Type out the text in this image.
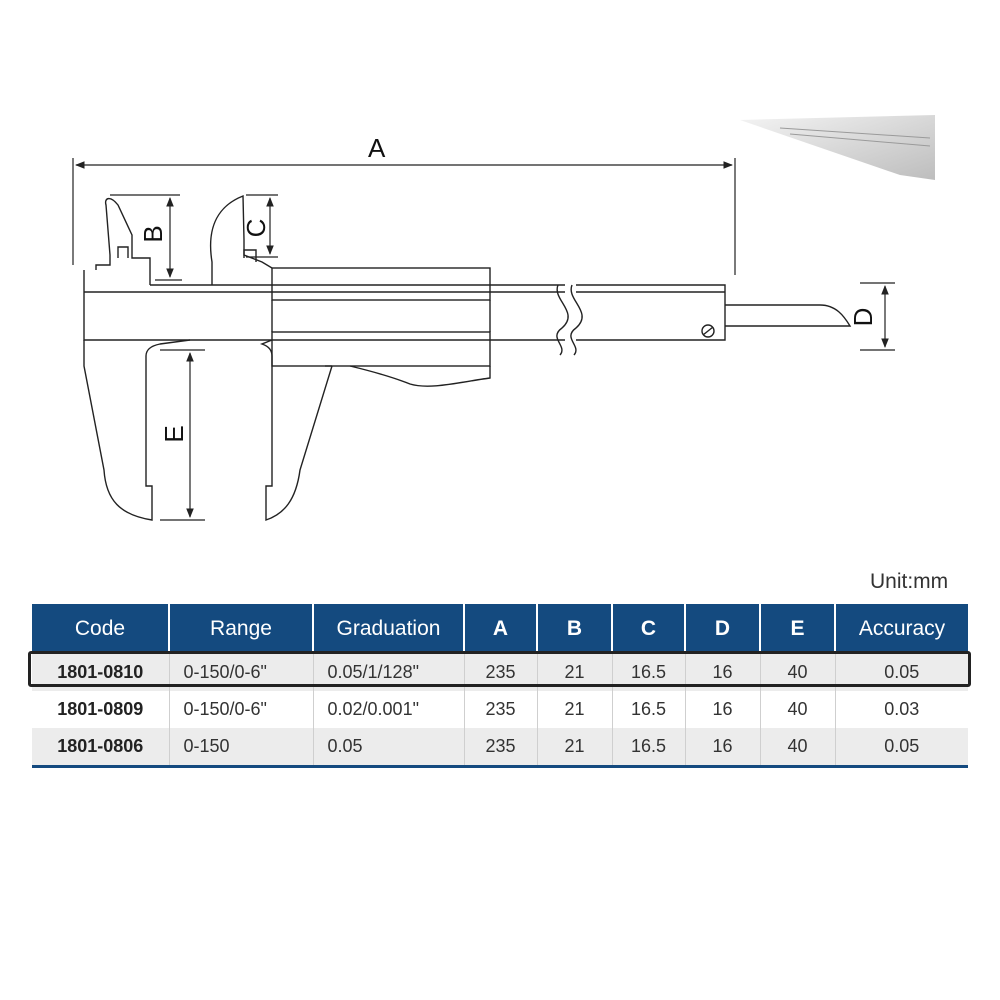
A
B	C
D
E
Unit:mm
Code	Range	Graduation	A	B	C	D	E	Accuracy
1801-0810	0-150/0-6"	0.05/1/128"	235	21	16.5	16	40	0.05
1801-0809	0-150/0-6"	0.02/0.001"	235	21	16.5	16	40	0.03
1801-0806	0-150	0.05	235	21	16.5	16	40	0.05
